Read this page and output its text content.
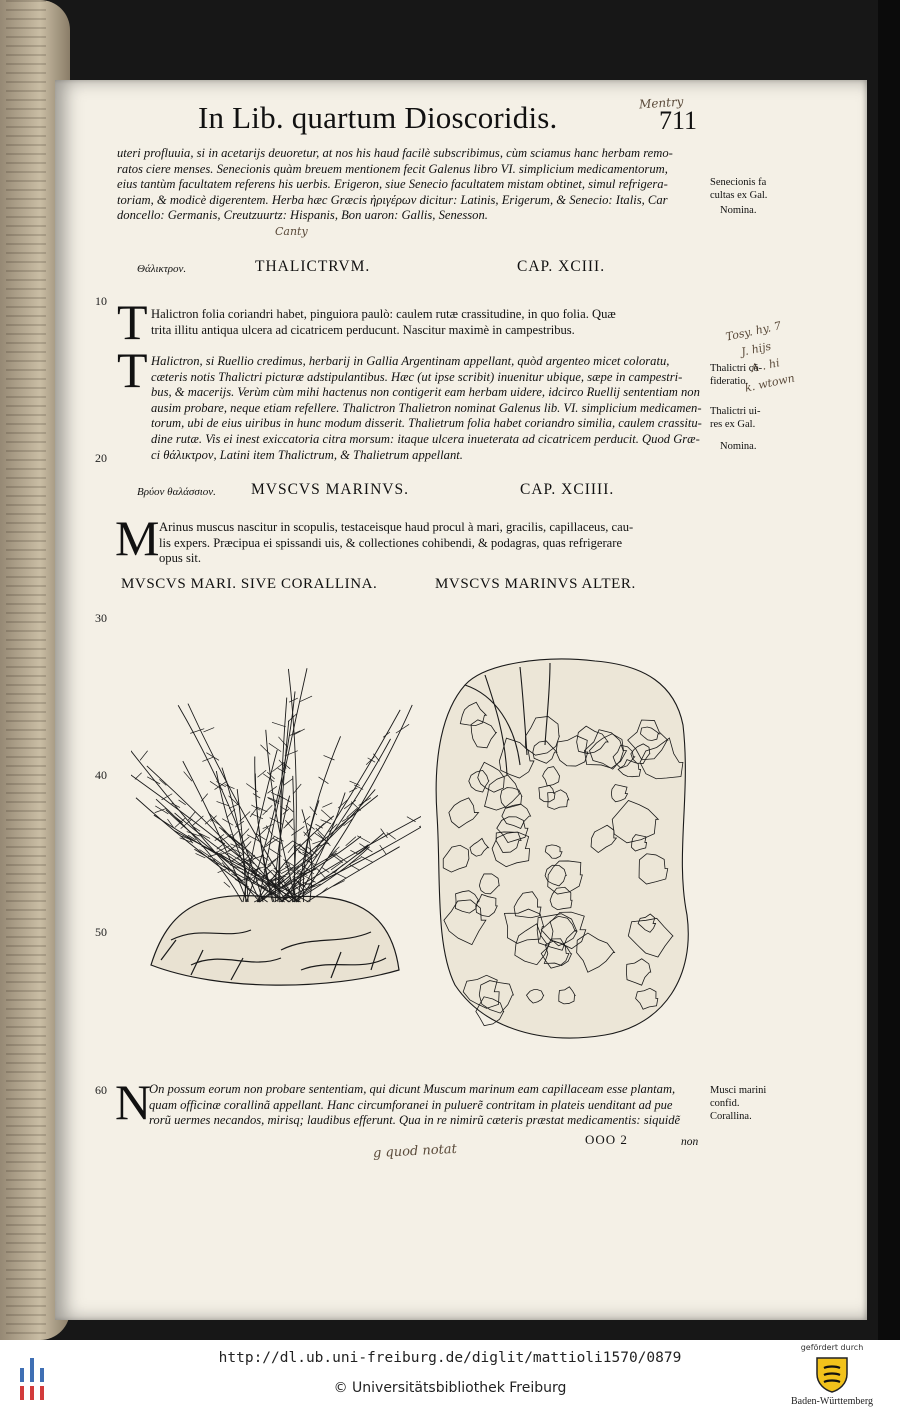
In Lib. quartum Dioscoridis.	711
Mentry
uteri profluuia, si in acetarijs deuoretur, at nos his haud facilè subscribimus, cùm sciamus hanc herbam remo-
ratos ciere menses. Senecionis quàm breuem mentionem fecit Galenus libro VI. simplicium medicamentorum,
eius tantùm facultatem referens his uerbis. Erigeron, siue Senecio facultatem mistam obtinet, simul refrigera-
toriam, & modicè digerentem. Herba hæc Græcis ἠριγέρων dicitur: Latinis, Erigerum, & Senecio: Italis, Car
doncello: Germanis, Creutzuurtz: Hispanis, Bon uaron: Gallis, Senesson.
Senecionis fa
cultas ex Gal.
Nomina.
Canty
Θάλικτρον.	THALICTRVM.	CAP. XCIII.
10 T Halictron folia coriandri habet, pinguiora paulò: caulem rutæ crassitudine, in quo folia. Quæ
trita illitu antiqua ulcera ad cicatricem perducunt. Nascitur maximè in campestribus.	Tosy. hy. 7
J. hijs
A . hi
k. wtown
T Halictron, si Ruellio credimus, herbarij in Gallia Argentinam appellant, quòd argenteo micet coloratu,
cæteris notis Thalictri picturæ adstipulantibus. Hæc (ut ipse scribit) inuenitur ubique, sæpe in campestri-
bus, & macerijs. Verùm cùm mihi hactenus non contigerit eam herbam uidere, idcirco Ruellij sententiam non
ausim probare, neque etiam refellere. Thalictron Thalietron nominat Galenus lib. VI. simplicium medicamen-
torum, ubi de eius uiribus in hunc modum disserit. Thalietrum folia habet coriandro similia, caulem crassitu-
dine rutæ. Vis ei inest exiccatoria citra morsum: itaque ulcera inueterata ad cicatricem perducit. Quod Græ-
ci θάλικτρον, Latini item Thalictrum, & Thalietrum appellant.
Thalictri cõ-
fideratio.
Thalictri ui-
res ex Gal.
Nomina.
20
Βρύον θαλάσσιον. MVSCVS MARINVS.	CAP. XCIIII.
M Arinus muscus nascitur in scopulis, testaceisque haud procul à mari, gracilis, capillaceus, cau-
lis expers. Præcipua ei spissandi uis, & collectiones cohibendi, & podagras, quas refrigerare
opus sit.
MVSCVS MARI. SIVE CORALLINA.	MVSCVS MARINVS ALTER.
30
40
50
60 N
On possum eorum non probare sententiam, qui dicunt Muscum marinum eam capillaceam esse plantam,
quam officinæ corallinã appellant. Hanc circumforanei in puluerẽ contritam in plateis uenditant ad pue
rorũ uermes necandos, mirisq; laudibus efferunt. Qua in re nimirũ cæteris præstat medicamentis: siquidẽ
Musci marini
confid.
Corallina.
OOO 2	non
g quod notat
http://dl.ub.uni-freiburg.de/diglit/mattioli1570/0879
© Universitätsbibliothek Freiburg
gefördert durch
Baden-Württemberg
